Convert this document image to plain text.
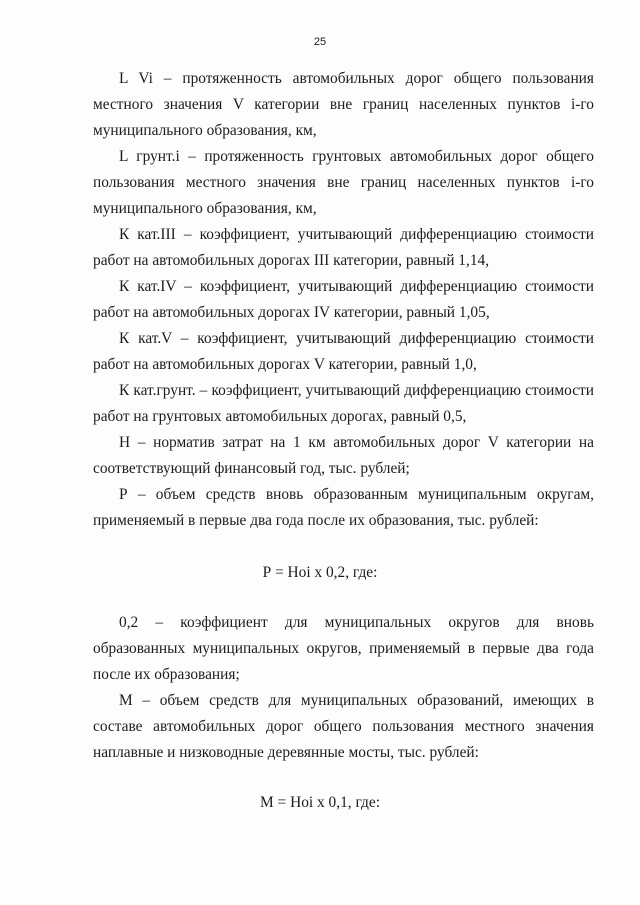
25

L Vi – протяженность автомобильных дорог общего пользования местного значения V категории вне границ населенных пунктов i-го муниципального образования, км,

L грунт.i – протяженность грунтовых автомобильных дорог общего пользования местного значения вне границ населенных пунктов i-го муниципального образования, км,

К кат.III – коэффициент, учитывающий дифференциацию стоимости работ на автомобильных дорогах III категории, равный 1,14,

К кат.IV – коэффициент, учитывающий дифференциацию стоимости работ на автомобильных дорогах IV категории, равный 1,05,

К кат.V – коэффициент, учитывающий дифференциацию стоимости работ на автомобильных дорогах V категории, равный 1,0,

К кат.грунт. – коэффициент, учитывающий дифференциацию стоимости работ на грунтовых автомобильных дорогах, равный 0,5,

Н – норматив затрат на 1 км автомобильных дорог V категории на соответствующий финансовый год, тыс. рублей;

Р – объем средств вновь образованным муниципальным округам, применяемый в первые два года после их образования, тыс. рублей:

Р = Hoi x 0,2, где:

0,2 – коэффициент для муниципальных округов для вновь образованных муниципальных округов, применяемый в первые два года после их образования;

М – объем средств для муниципальных образований, имеющих в составе автомобильных дорог общего пользования местного значения наплавные и низководные деревянные мосты, тыс. рублей:

М = Hoi x 0,1, где:
